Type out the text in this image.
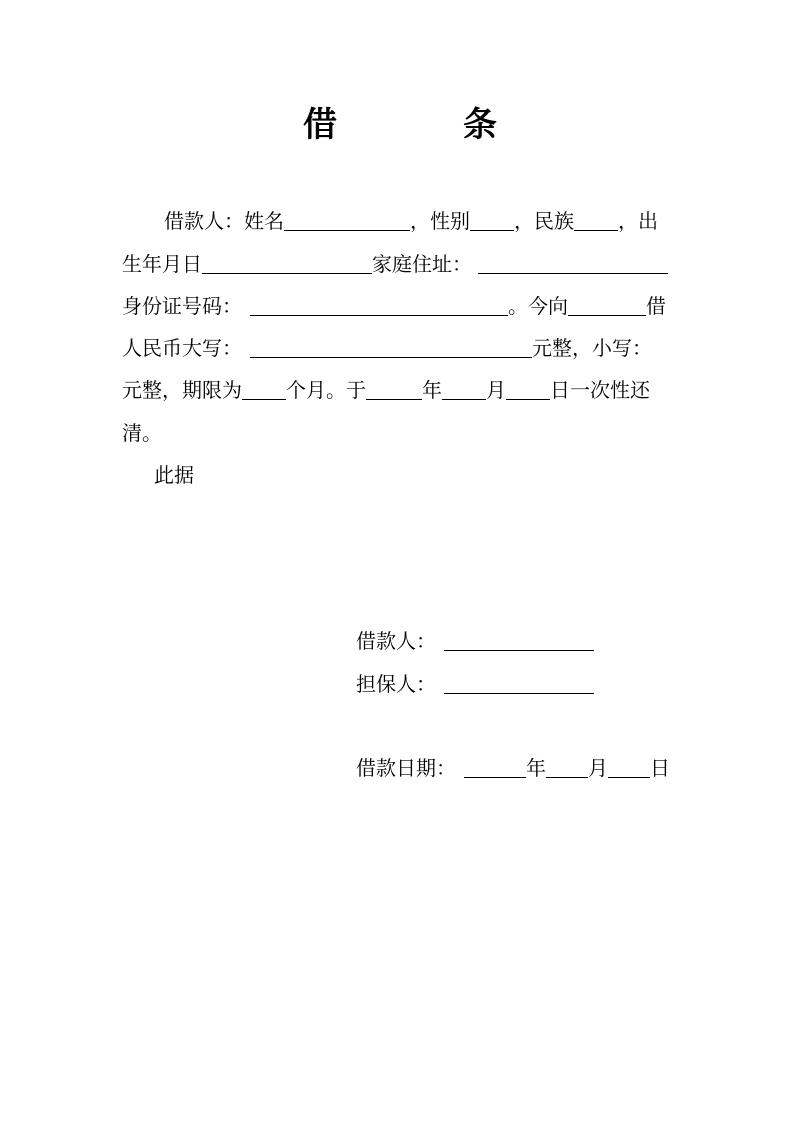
借　条
借款人：姓名	，性别 ，民族 ，出
生年月日	家庭住址：
身份证号码：	。今向	借
人民币大写：	元整，小写：
元整，期限为 个月。于	年 月 日一次性还
清。
此据
借款人：
担保人：
借款日期：	年 月 日
